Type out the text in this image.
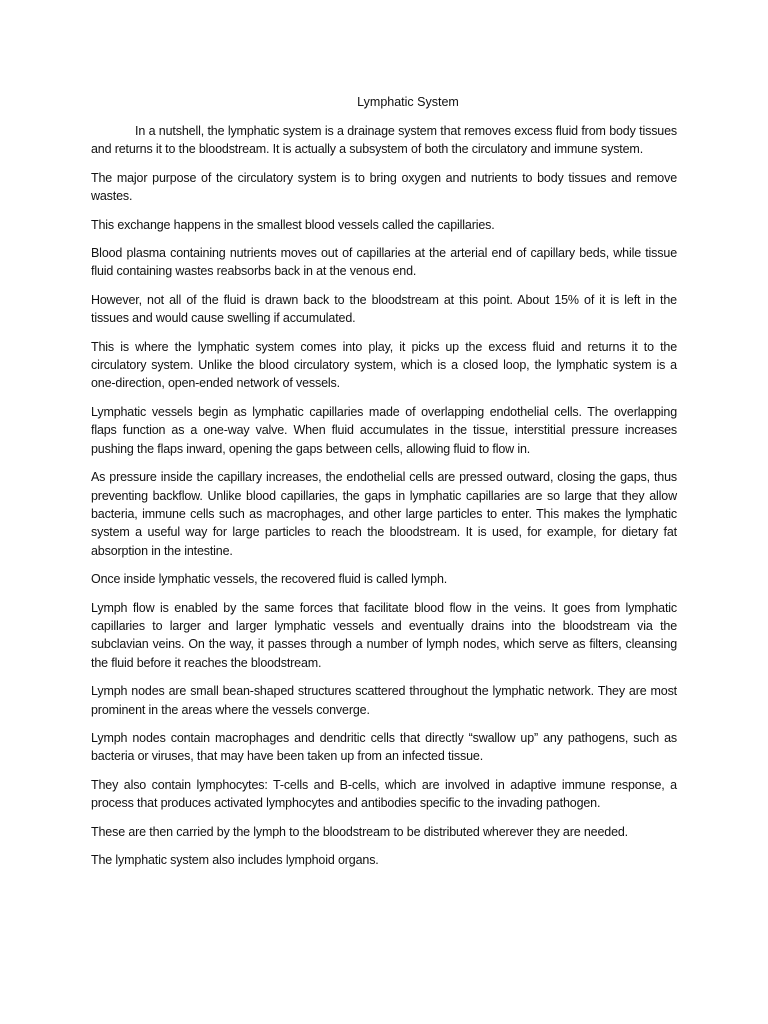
Lymphatic System

In a nutshell, the lymphatic system is a drainage system that removes excess fluid from body tissues and returns it to the bloodstream. It is actually a subsystem of both the circulatory and immune system.

The major purpose of the circulatory system is to bring oxygen and nutrients to body tissues and remove wastes.

This exchange happens in the smallest blood vessels called the capillaries.

Blood plasma containing nutrients moves out of capillaries at the arterial end of capillary beds, while tissue fluid containing wastes reabsorbs back in at the venous end.

However, not all of the fluid is drawn back to the bloodstream at this point. About 15% of it is left in the tissues and would cause swelling if accumulated.

This is where the lymphatic system comes into play, it picks up the excess fluid and returns it to the circulatory system. Unlike the blood circulatory system, which is a closed loop, the lymphatic system is a one-direction, open-ended network of vessels.

Lymphatic vessels begin as lymphatic capillaries made of overlapping endothelial cells. The overlapping flaps function as a one-way valve. When fluid accumulates in the tissue, interstitial pressure increases pushing the flaps inward, opening the gaps between cells, allowing fluid to flow in.

As pressure inside the capillary increases, the endothelial cells are pressed outward, closing the gaps, thus preventing backflow. Unlike blood capillaries, the gaps in lymphatic capillaries are so large that they allow bacteria, immune cells such as macrophages, and other large particles to enter. This makes the lymphatic system a useful way for large particles to reach the bloodstream. It is used, for example, for dietary fat absorption in the intestine.

Once inside lymphatic vessels, the recovered fluid is called lymph.

Lymph flow is enabled by the same forces that facilitate blood flow in the veins. It goes from lymphatic capillaries to larger and larger lymphatic vessels and eventually drains into the bloodstream via the subclavian veins. On the way, it passes through a number of lymph nodes, which serve as filters, cleansing the fluid before it reaches the bloodstream.

Lymph nodes are small bean-shaped structures scattered throughout the lymphatic network. They are most prominent in the areas where the vessels converge.

Lymph nodes contain macrophages and dendritic cells that directly “swallow up” any pathogens, such as bacteria or viruses, that may have been taken up from an infected tissue.

They also contain lymphocytes: T-cells and B-cells, which are involved in adaptive immune response, a process that produces activated lymphocytes and antibodies specific to the invading pathogen.

These are then carried by the lymph to the bloodstream to be distributed wherever they are needed.

The lymphatic system also includes lymphoid organs.
